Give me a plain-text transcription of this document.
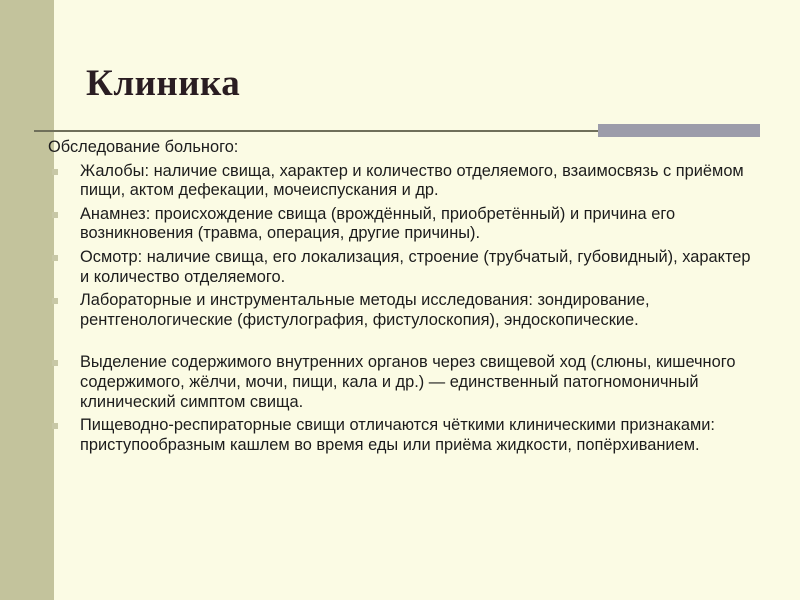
Клиника

Обследование больного:

Жалобы: наличие свища, характер и количество отделяемого, взаимосвязь с приёмом пищи, актом дефекации, мочеиспускания и др.
Анамнез: происхождение свища (врождённый, приобретённый) и причина его возникновения (травма, операция, другие причины).
Осмотр: наличие свища, его локализация, строение (трубчатый, губовидный), характер и количество отделяемого.
Лабораторные и инструментальные методы исследования: зондирование, рентгенологические (фистулография, фистулоскопия), эндоскопические.
Выделение содержимого внутренних органов через свищевой ход (слюны, кишечного содержимого, жёлчи, мочи, пищи, кала и др.) — единственный патогномоничный клинический симптом свища.
Пищеводно-респираторные свищи отличаются чёткими клиническими признаками: приступообразным кашлем во время еды или приёма жидкости, попёрхиванием.
